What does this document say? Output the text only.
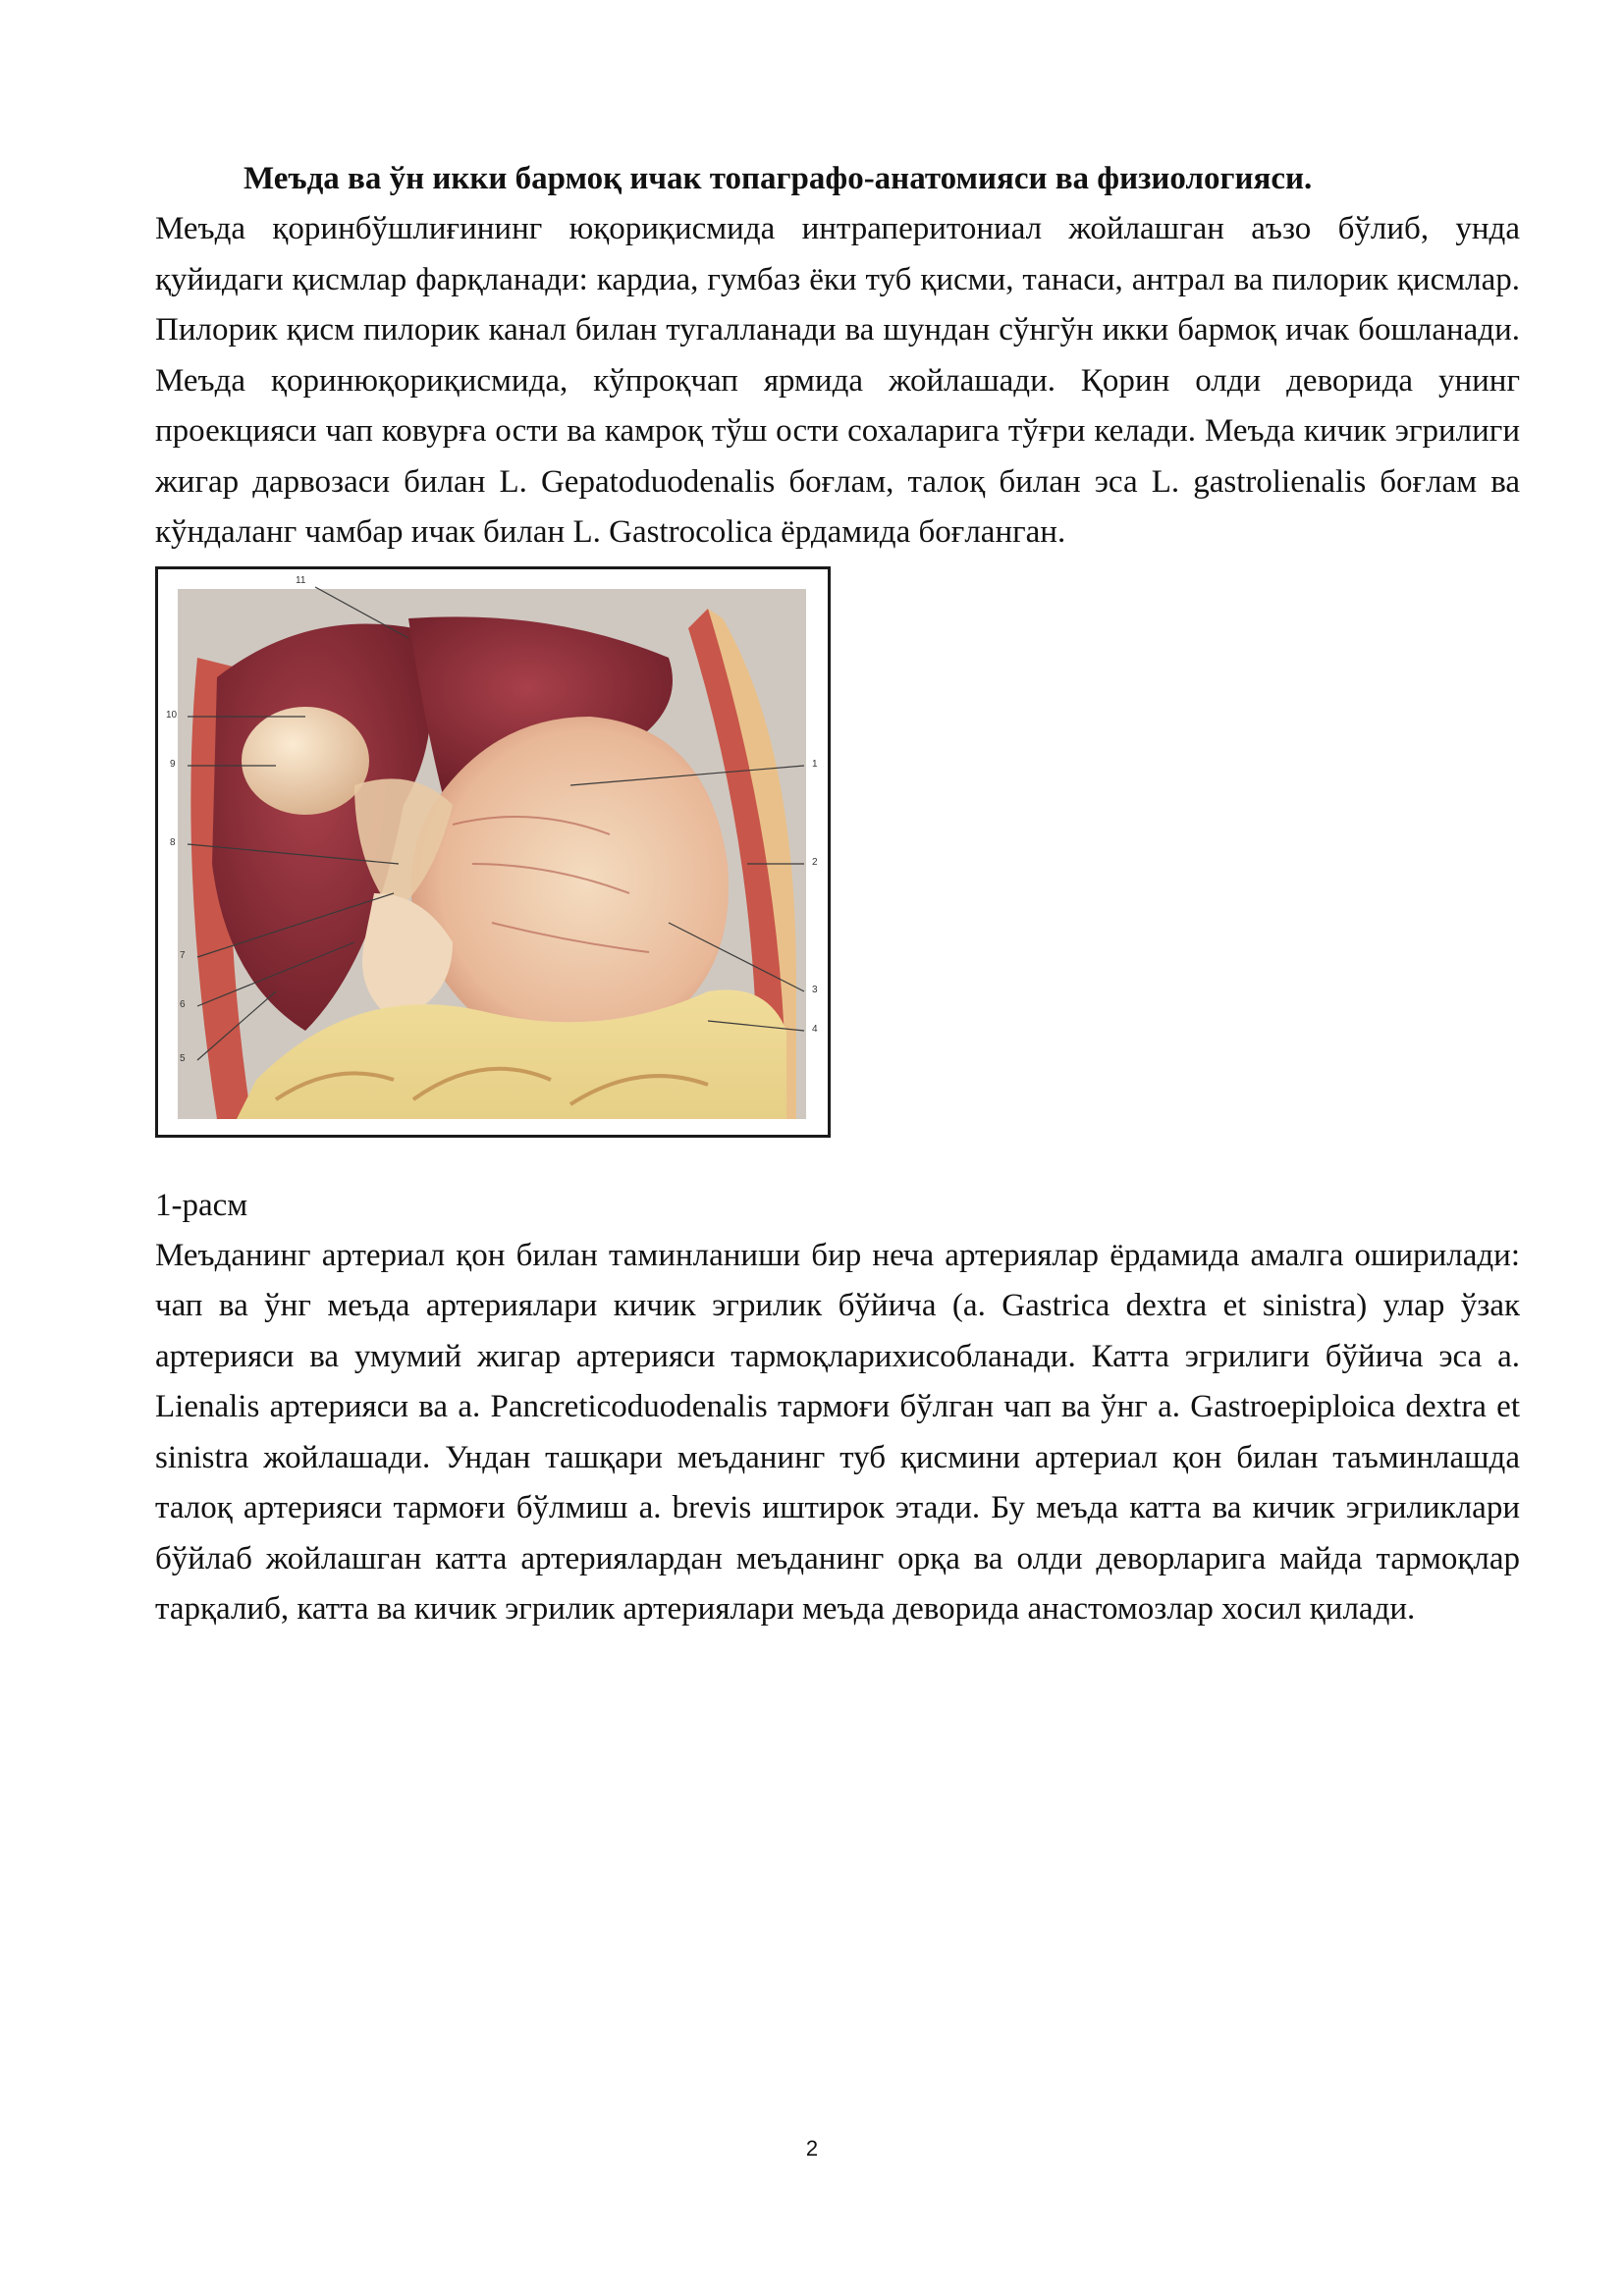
Меъда ва ўн икки бармоқ ичак топаграфо-анатомияси ва физиологияси.

Меъда қоринбўшлиғининг юқориқисмида интраперитониал жойлашган аъзо бўлиб, унда қуйидаги қисмлар фарқланади: кардиа, гумбаз ёки туб қисми, танаси, антрал ва пилорик қисмлар. Пилорик қисм пилорик канал билан тугалланади ва шундан сўнгўн икки бармоқ ичак бошланади. Меъда қоринюқориқисмида, кўпроқчап ярмида жойлашади. Қорин олди деворида унинг проекцияси чап ковурға ости ва камроқ тўш ости сохаларига тўғри келади. Меъда кичик эгрилиги жигар дарвозаси билан L. Gepatoduodenalis боғлам, талоқ билан эса L. gastrolienalis боғлам ва кўндаланг чамбар ичак билан L. Gastrocolica ёрдамида боғланган.

11
10
9
8
7
6
5
1
2
3
4

1-расм

Меъданинг артериал қон билан таминланиши бир неча артериялар ёрдамида амалга оширилади: чап ва ўнг меъда артериялари кичик эгрилик бўйича (a. Gastrica dextra et sinistra) улар ўзак артерияси ва умумий жигар артерияси тармоқларихисобланади. Катта эгрилиги бўйича эса a. Lienalis артерияси ва a. Pancreticoduodenalis тармоғи бўлган чап ва ўнг a. Gastroepiploica dextra et sinistra жойлашади. Ундан ташқари меъданинг туб қисмини артериал қон билан таъминлашда талоқ артерияси тармоғи бўлмиш a. brevis иштирок этади. Бу меъда катта ва кичик эгриликлари бўйлаб жойлашган катта артериялардан меъданинг орқа ва олди деворларига майда тармоқлар тарқалиб, катта ва кичик эгрилик артериялари меъда деворида анастомозлар хосил қилади.

2
